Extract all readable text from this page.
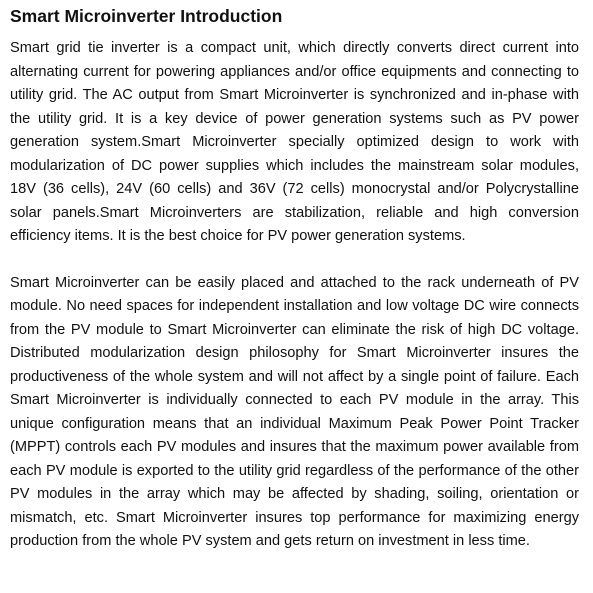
Smart Microinverter Introduction

Smart grid tie inverter is a compact unit, which directly converts direct current into alternating current for powering appliances and/or office equipments and connecting to utility grid. The AC output from Smart Microinverter is synchronized and in-phase with the utility grid. It is a key device of power generation systems such as PV power generation system.Smart Microinverter specially optimized design to work with modularization of DC power supplies which includes the mainstream solar modules, 18V (36 cells), 24V (60 cells) and 36V (72 cells) monocrystal and/or Polycrystalline solar panels.Smart Microinverters are stabilization, reliable and high conversion efficiency items. It is the best choice for PV power generation systems.

Smart Microinverter can be easily placed and attached to the rack underneath of PV module. No need spaces for independent installation and low voltage DC wire connects from the PV module to Smart Microinverter can eliminate the risk of high DC voltage. Distributed modularization design philosophy for Smart Microinverter insures the productiveness of the whole system and will not affect by a single point of failure. Each Smart Microinverter is individually connected to each PV module in the array. This unique configuration means that an individual Maximum Peak Power Point Tracker (MPPT) controls each PV modules and insures that the maximum power available from each PV module is exported to the utility grid regardless of the performance of the other PV modules in the array which may be affected by shading, soiling, orientation or mismatch, etc. Smart Microinverter insures top performance for maximizing energy production from the whole PV system and gets return on investment in less time.
